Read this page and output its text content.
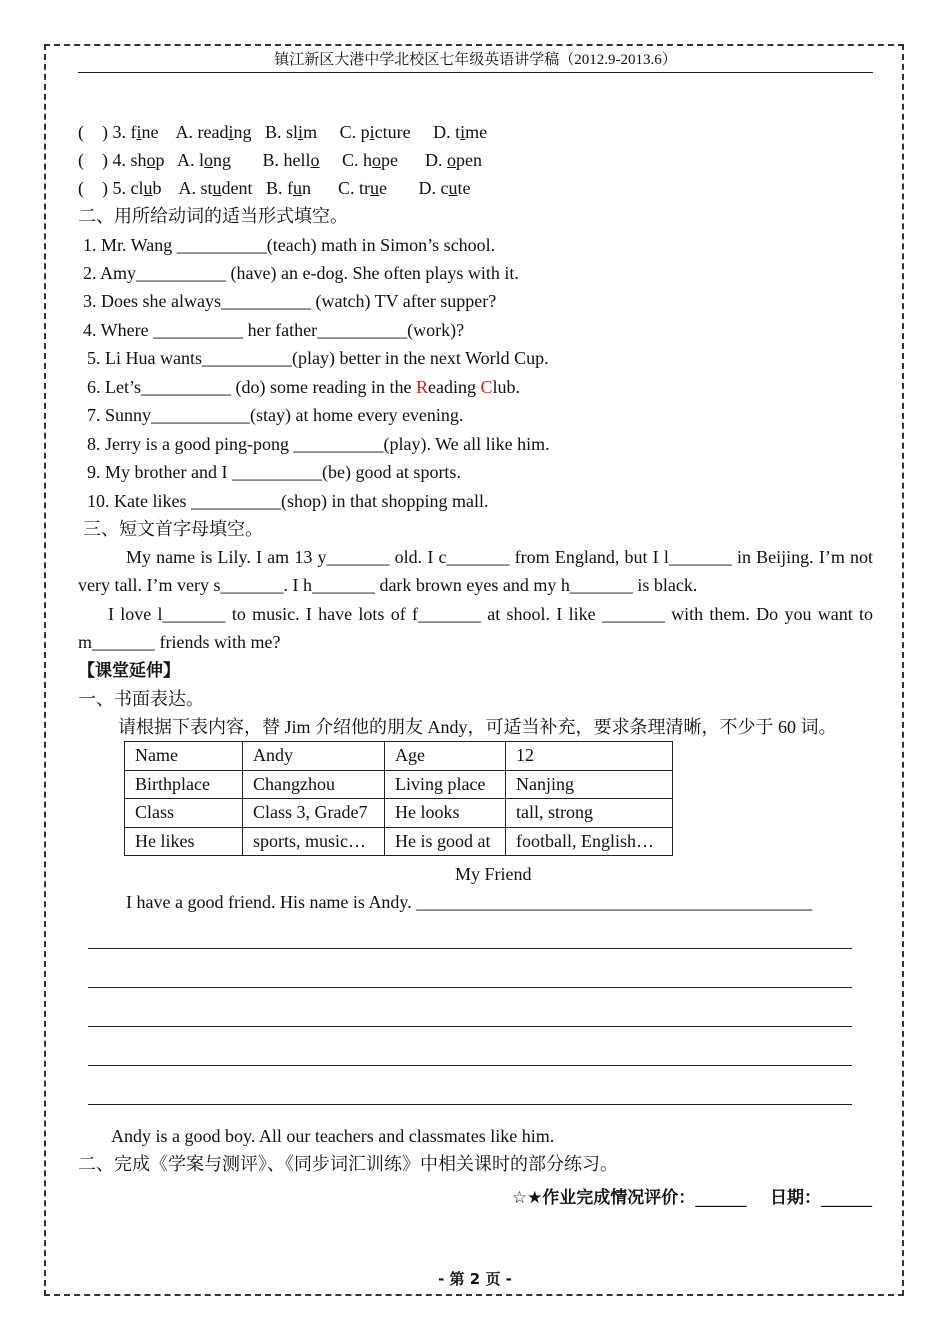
镇江新区大港中学北校区七年级英语讲学稿（2012.9-2013.6）
( ) 3. fine A. reading B. slim C. picture D. time
( ) 4. shop A. long B. hello C. hope D. open
( ) 5. club A. student B. fun C. true D. cute
二、用所给动词的适当形式填空。
1. Mr. Wang __________(teach) math in Simon’s school.
2. Amy__________ (have) an e-dog. She often plays with it.
3. Does she always__________ (watch) TV after supper?
4. Where __________ her father__________(work)?
5. Li Hua wants__________(play) better in the next World Cup.
6. Let’s__________ (do) some reading in the Reading Club.
7. Sunny___________(stay) at home every evening.
8. Jerry is a good ping-pong __________(play). We all like him.
9. My brother and I __________(be) good at sports.
10. Kate likes __________(shop) in that shopping mall.
三、短文首字母填空。
My name is Lily. I am 13 y_______ old. I c_______ from England, but I l_______ in Beijing. I’m not very tall. I’m very s_______. I h_______ dark brown eyes and my h_______ is black.
I love l_______ to music. I have lots of f_______ at shool. I like _______ with them. Do you want to m_______ friends with me?
【课堂延伸】
一、书面表达。
请根据下表内容，替 Jim 介绍他的朋友 Andy，可适当补充，要求条理清晰，不少于 60 词。
Name	Andy	Age	12
Birthplace	Changzhou	Living place	Nanjing
Class	Class 3, Grade7	He looks	tall, strong
He likes	sports, music…	He is good at	football, English…
My Friend
I have a good friend. His name is Andy. ____________________________________________
Andy is a good boy. All our teachers and classmates like him.
二、完成《学案与测评》、《同步词汇训练》中相关课时的部分练习。
☆★作业完成情况评价：______ 日期：______
- 第 2 页 -
